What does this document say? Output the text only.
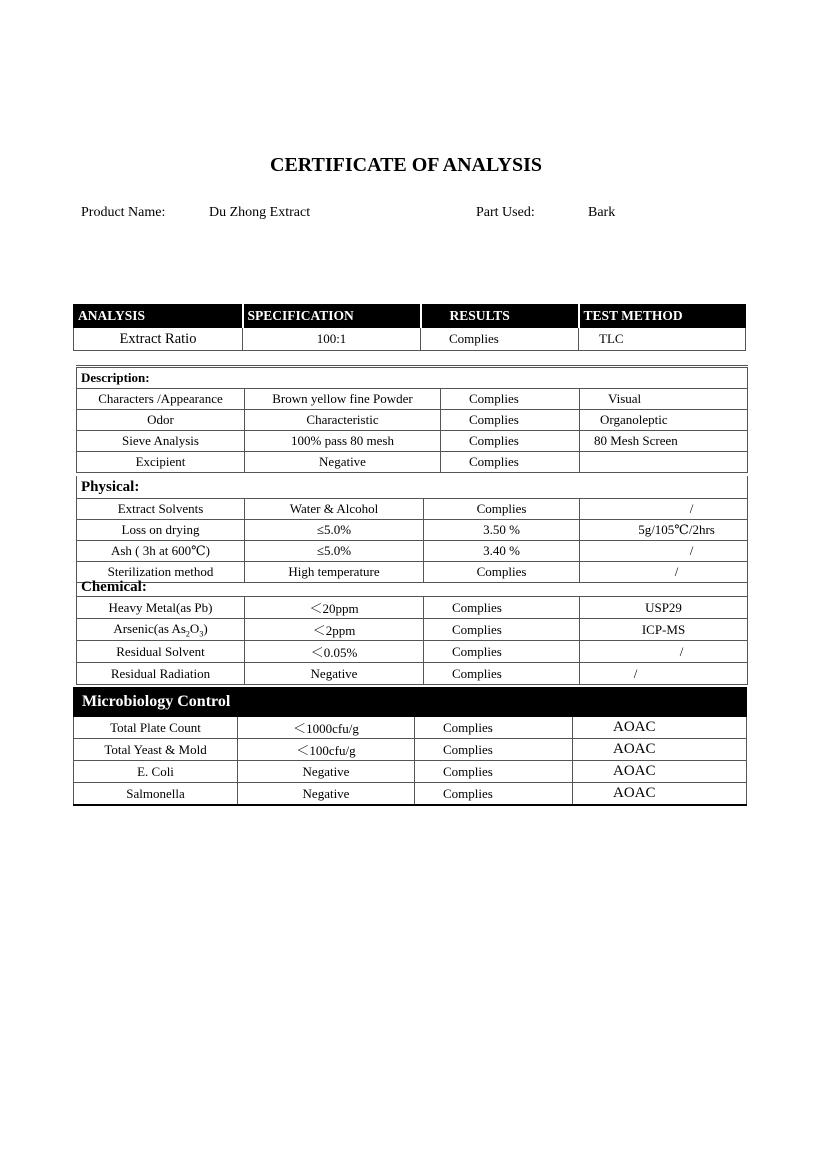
CERTIFICATE OF ANALYSIS
Product Name:	Du Zhong Extract	Part Used:	Bark
ANALYSIS	SPECIFICATION	RESULTS	TEST METHOD
Extract Ratio	100:1	Complies	TLC
Description:			
Characters /Appearance	Brown yellow fine Powder	Complies	Visual
Odor	Characteristic	Complies	Organoleptic
Sieve Analysis	100% pass 80 mesh	Complies	80 Mesh Screen
Excipient	Negative	Complies	
Physical:			
Extract Solvents	Water & Alcohol	Complies	/
Loss on drying	≤5.0%	3.50 %	5g/105℃/2hrs
Ash ( 3h at 600℃)	≤5.0%	3.40 %	/
Sterilization method	High temperature	Complies	/
Chemical:			
Heavy Metal(as Pb)	＜20ppm	Complies	USP29
Arsenic(as $As_2O_3$)	＜2ppm	Complies	ICP-MS
Residual Solvent	＜0.05%	Complies	/
Residual Radiation	Negative	Complies	/
Microbiology Control			
Total Plate Count	＜1000cfu/g	Complies	AOAC
Total Yeast & Mold	＜100cfu/g	Complies	AOAC
E. Coli	Negative	Complies	AOAC
Salmonella	Negative	Complies	AOAC
